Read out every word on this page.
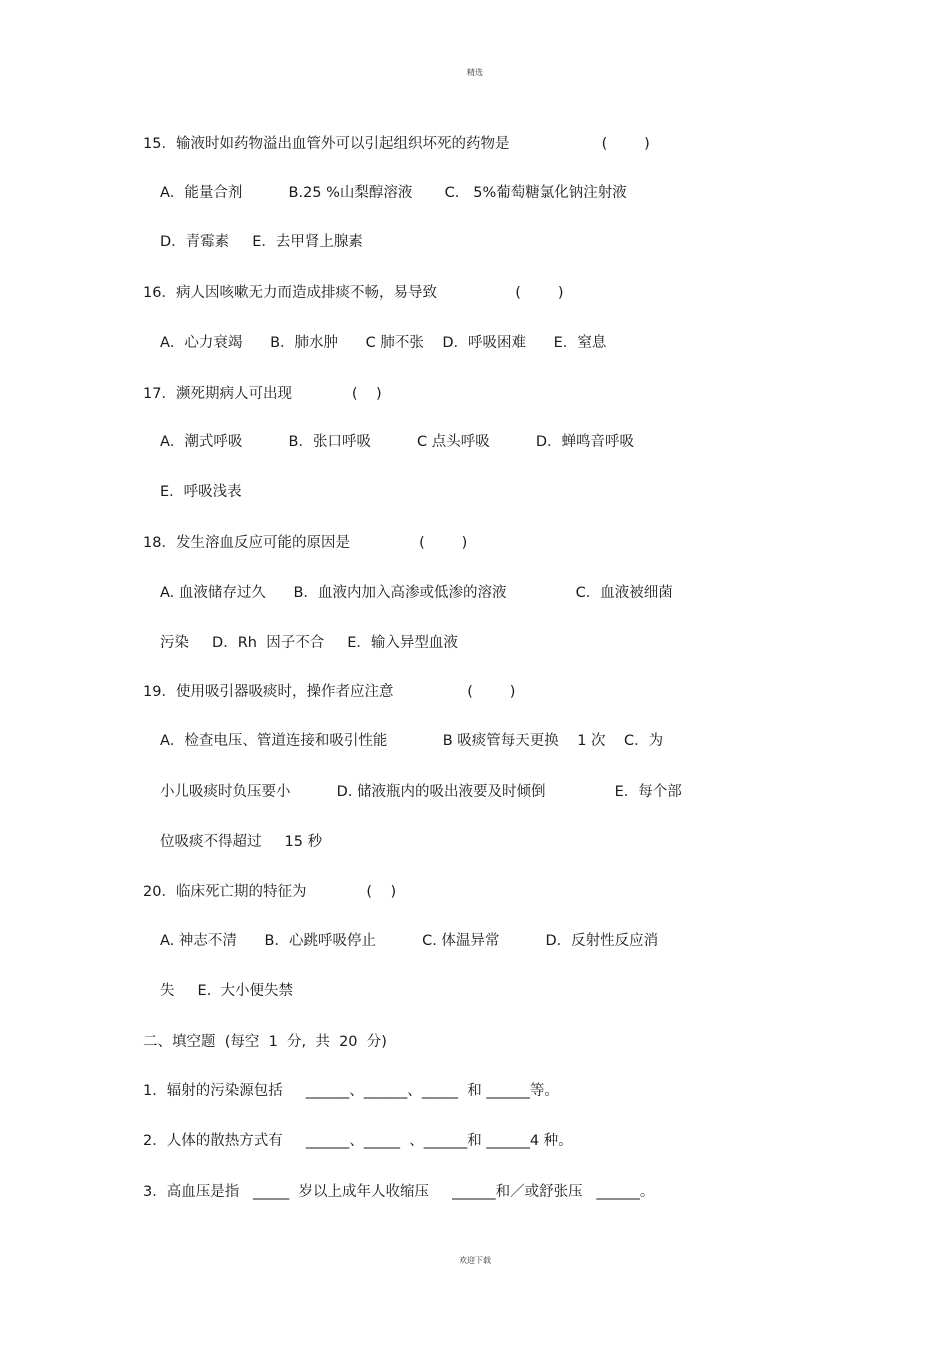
精选
15．输液时如药物溢出血管外可以引起组织坏死的药物是                    (        )
A．能量合剂          B.25 %山梨醇溶液       C.   5%葡萄糖氯化钠注射液
D．青霉素     E．去甲肾上腺素
16．病人因咳嗽无力而造成排痰不畅，易导致                 (        )
A．心力衰竭      B．肺水肿      C 肺不张    D．呼吸困难      E．窒息
17．濒死期病人可出现             (    )
A．潮式呼吸          B．张口呼吸          C 点头呼吸          D．蝉鸣音呼吸
E．呼吸浅表
18．发生溶血反应可能的原因是               (        )
A. 血液储存过久      B．血液内加入高渗或低渗的溶液               C．血液被细菌
污染     D．Rh  因子不合     E．输入异型血液
19．使用吸引器吸痰时，操作者应注意                (        )
A．检查电压、管道连接和吸引性能            B 吸痰管每天更换    1 次    C．为
小儿吸痰时负压要小          D. 储液瓶内的吸出液要及时倾倒               E．每个部
位吸痰不得超过     15 秒
20．临床死亡期的特征为             (    )
A. 神志不清      B．心跳呼吸停止          C. 体温异常          D．反射性反应消
失     E.  大小便失禁
二、填空题  (每空  1  分,  共  20  分)
1．辐射的污染源包括     ______、______、_____  和 ______等。
2．人体的散热方式有     ______、_____  、______和 ______4 种。
3．高血压是指   _____  岁以上成年人收缩压     ______和／或舒张压   ______。
欢迎下载
